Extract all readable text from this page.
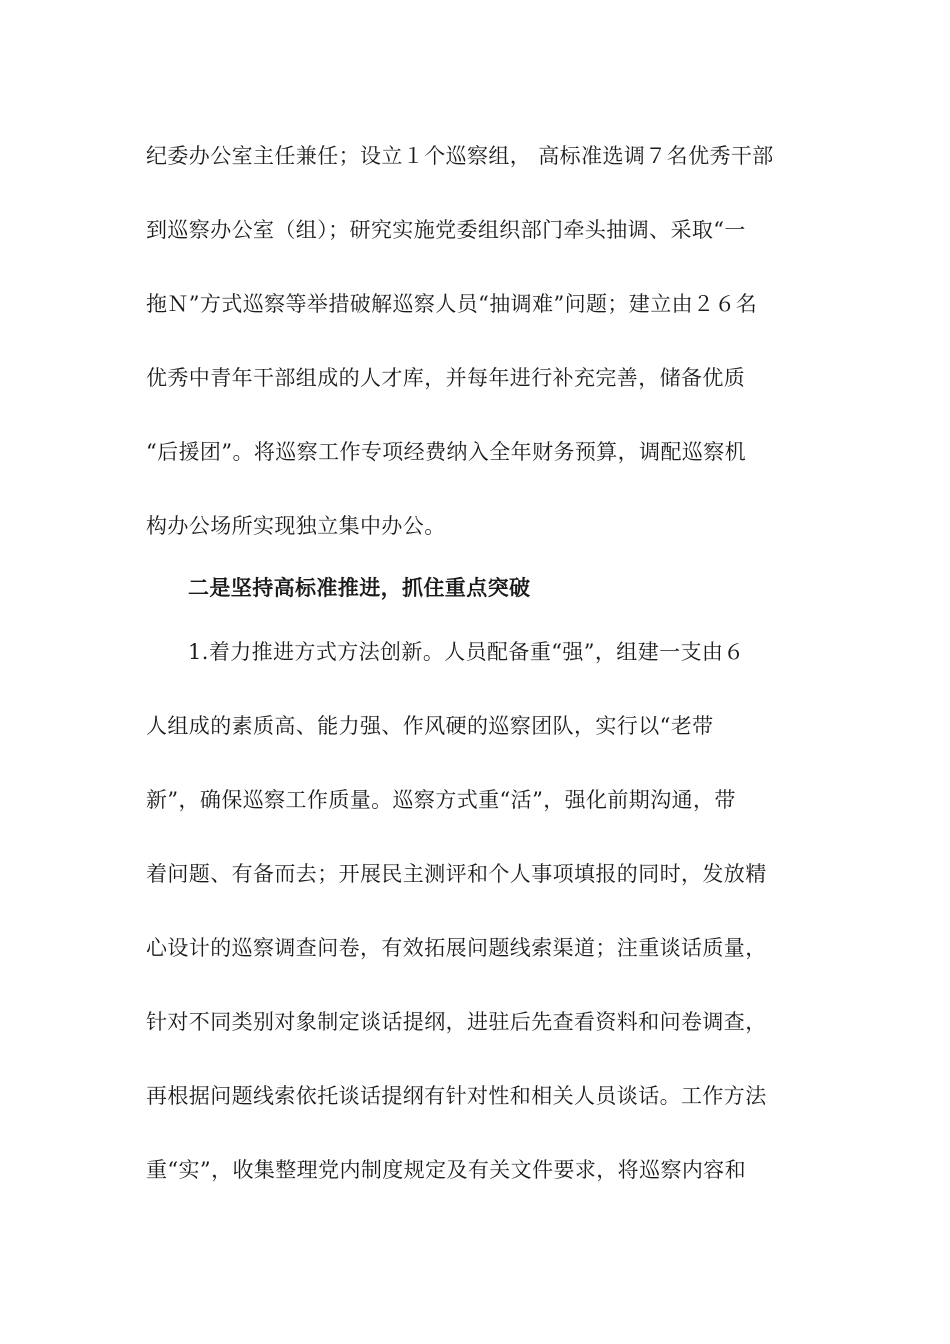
纪委办公室主任兼任；设立１个巡察组， 高标准选调７名优秀干部
到巡察办公室（组）；研究实施党委组织部门牵头抽调、采取“一
拖Ｎ”方式巡察等举措破解巡察人员“抽调难”问题；建立由２６名
优秀中青年干部组成的人才库，并每年进行补充完善，储备优质
“后援团”。将巡察工作专项经费纳入全年财务预算，调配巡察机
构办公场所实现独立集中办公。
二是坚持高标准推进，抓住重点突破
1.着力推进方式方法创新。人员配备重“强”，组建一支由６
人组成的素质高、能力强、作风硬的巡察团队，实行以“老带
新”，确保巡察工作质量。巡察方式重“活”，强化前期沟通，带
着问题、有备而去；开展民主测评和个人事项填报的同时，发放精
心设计的巡察调查问卷，有效拓展问题线索渠道；注重谈话质量，
针对不同类别对象制定谈话提纲，进驻后先查看资料和问卷调查，
再根据问题线索依托谈话提纲有针对性和相关人员谈话。工作方法
重“实”，收集整理党内制度规定及有关文件要求，将巡察内容和
